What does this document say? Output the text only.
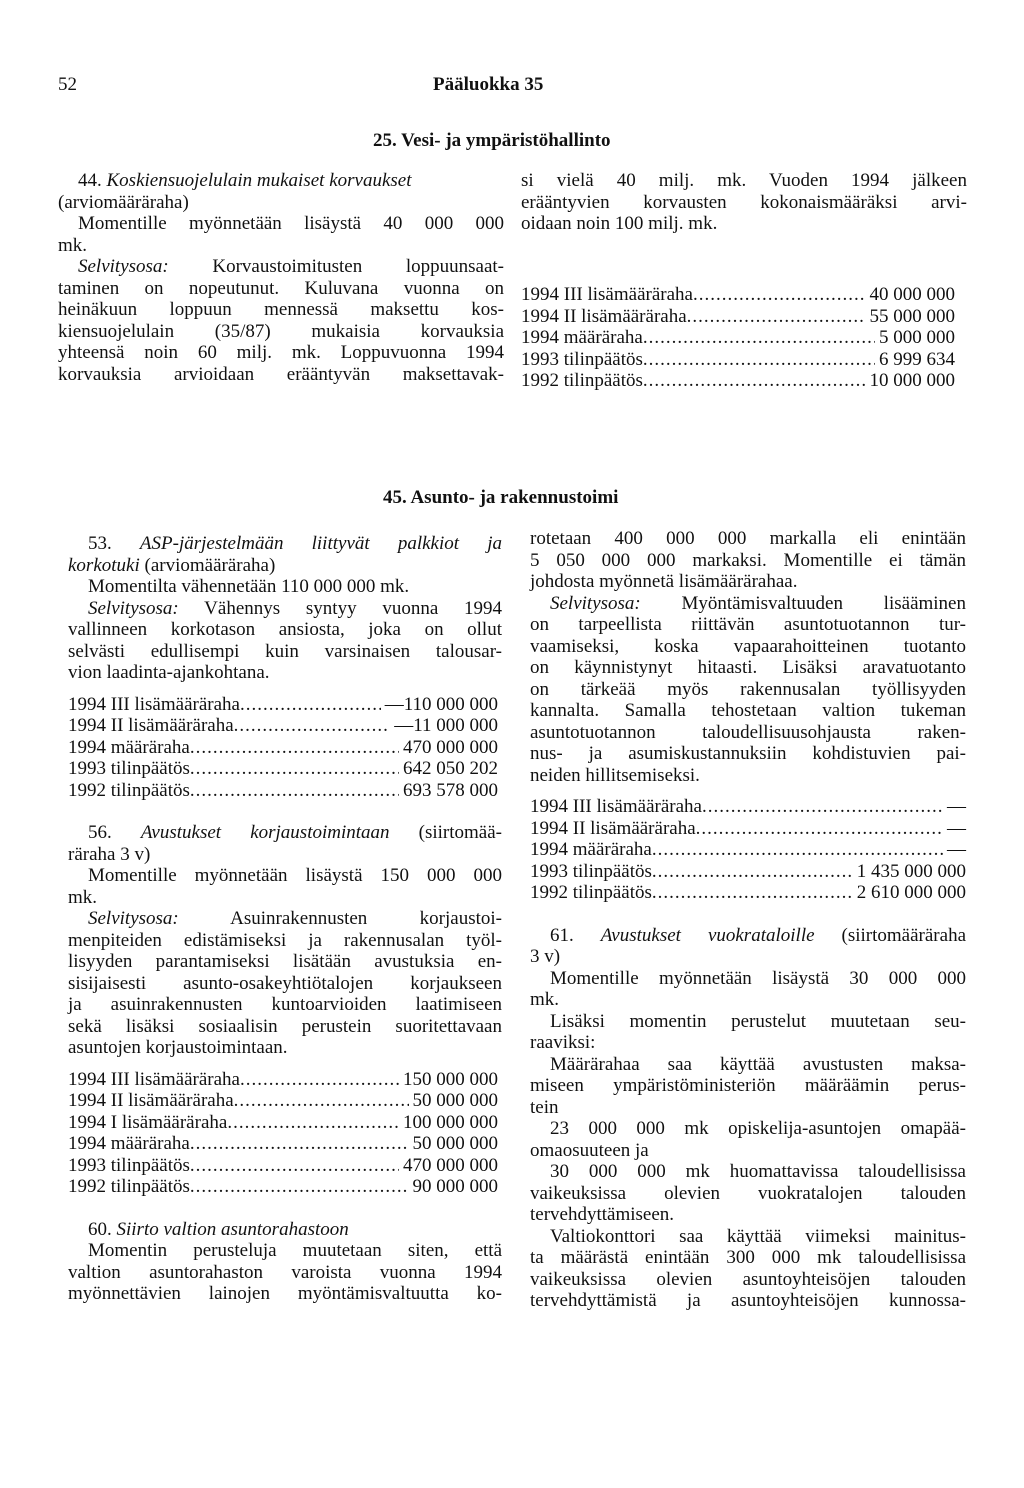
52	Pääluokka 35
25. Vesi- ja ympäristöhallinto

44. Koskiensuojelulain mukaiset korvaukset

(arviomääräraha)

Momentille myönnetään lisäystä 40 000 000

mk.

Selvitysosa: Korvaustoimitusten loppuunsaat-

taminen on nopeutunut. Kuluvana vuonna on

heinäkuun loppuun mennessä maksettu kos-

kiensuojelulain (35/87) mukaisia korvauksia

yhteensä noin 60 milj. mk. Loppuvuonna 1994

korvauksia arvioidaan erääntyvän maksettavak-

si vielä 40 milj. mk. Vuoden 1994 jälkeen

erääntyvien korvausten kokonaismääräksi arvi-

oidaan noin 100 milj. mk.

1994 III lisämääräraha .....	40 000 000
1994 II lisämääräraha .....	55 000 000
1994 määräraha .....	5 000 000
1993 tilinpäätös .....	6 999 634
1992 tilinpäätös .....	10 000 000
45. Asunto- ja rakennustoimi

53. ASP-järjestelmään liittyvät palkkiot ja

korkotuki (arviomääräraha)

Momentilta vähennetään 110 000 000 mk.

Selvitysosa: Vähennys syntyy vuonna 1994

vallinneen korkotason ansiosta, joka on ollut

selvästi edullisempi kuin varsinaisen talousar-

vion laadinta-ajankohtana.

1994 III lisämääräraha .....	—110 000 000
1994 II lisämääräraha .....	—11 000 000
1994 määräraha .....	470 000 000
1993 tilinpäätös .....	642 050 202
1992 tilinpäätös .....	693 578 000

56. Avustukset korjaustoimintaan (siirtomää-

räraha 3 v)

Momentille myönnetään lisäystä 150 000 000

mk.

Selvitysosa: Asuinrakennusten korjaustoi-

menpiteiden edistämiseksi ja rakennusalan työl-

lisyyden parantamiseksi lisätään avustuksia en-

sisijaisesti asunto-osakeyhtiötalojen korjaukseen

ja asuinrakennusten kuntoarvioiden laatimiseen

sekä lisäksi sosiaalisin perustein suoritettavaan

asuntojen korjaustoimintaan.

1994 III lisämääräraha .....	150 000 000
1994 II lisämääräraha .....	50 000 000
1994 I lisämääräraha .....	100 000 000
1994 määräraha .....	50 000 000
1993 tilinpäätös .....	470 000 000
1992 tilinpäätös .....	90 000 000

60. Siirto valtion asuntorahastoon

Momentin perusteluja muutetaan siten, että

valtion asuntorahaston varoista vuonna 1994

myönnettävien lainojen myöntämisvaltuutta ko-

rotetaan 400 000 000 markalla eli enintään

5 050 000 000 markaksi. Momentille ei tämän

johdosta myönnetä lisämäärärahaa.

Selvitysosa: Myöntämisvaltuuden lisääminen

on tarpeellista riittävän asuntotuotannon tur-

vaamiseksi, koska vapaarahoitteinen tuotanto

on käynnistynyt hitaasti. Lisäksi aravatuotanto

on tärkeää myös rakennusalan työllisyyden

kannalta. Samalla tehostetaan valtion tukeman

asuntotuotannon taloudellisuusohjausta raken-

nus- ja asumiskustannuksiin kohdistuvien pai-

neiden hillitsemiseksi.

1994 III lisämääräraha .....	—
1994 II lisämääräraha .....	—
1994 määräraha .....	—
1993 tilinpäätös .....	1 435 000 000
1992 tilinpäätös .....	2 610 000 000

61. Avustukset vuokrataloille (siirtomääräraha

3 v)

Momentille myönnetään lisäystä 30 000 000

mk.

Lisäksi momentin perustelut muutetaan seu-

raaviksi:

Määrärahaa saa käyttää avustusten maksa-

miseen ympäristöministeriön määräämin perus-

tein

23 000 000 mk opiskelija-asuntojen omapää-

omaosuuteen ja

30 000 000 mk huomattavissa taloudellisissa

vaikeuksissa olevien vuokratalojen talouden

tervehdyttämiseen.

Valtiokonttori saa käyttää viimeksi mainitus-

ta määrästä enintään 300 000 mk taloudellisissa

vaikeuksissa olevien asuntoyhteisöjen talouden

tervehdyttämistä ja asuntoyhteisöjen kunnossa-
